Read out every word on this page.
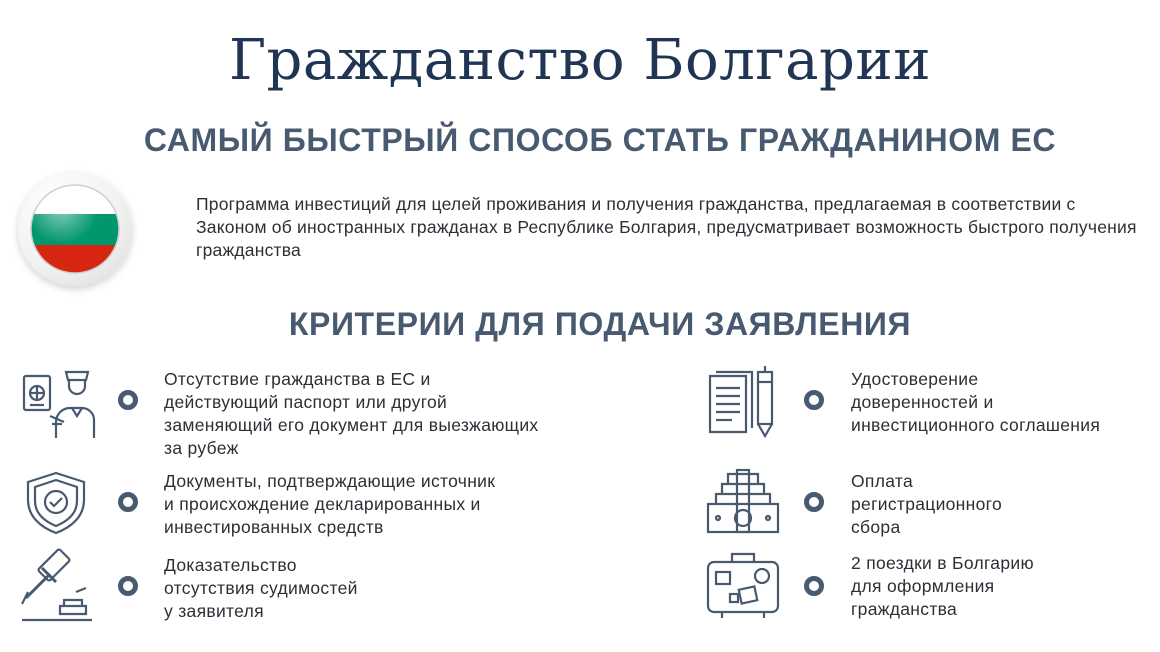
Гражданство Болгарии
САМЫЙ БЫСТРЫЙ СПОСОБ СТАТЬ ГРАЖДАНИНОМ ЕС
Программа инвестиций для целей проживания и получения гражданства, предлагаемая в соответствии с Законом об иностранных гражданах в Республике Болгария, предусматривает возможность быстрого получения гражданства
КРИТЕРИИ ДЛЯ ПОДАЧИ ЗАЯВЛЕНИЯ
Отсутствие гражданства в ЕС и
действующий паспорт или другой
заменяющий его документ для выезжающих
за рубеж
Документы, подтверждающие источник
и происхождение декларированных и
инвестированных средств
Доказательство
отсутствия судимостей
у заявителя
Удостоверение
доверенностей и
инвестиционного соглашения
Оплата
регистрационного
сбора
2 поездки в Болгарию
для оформления
гражданства
